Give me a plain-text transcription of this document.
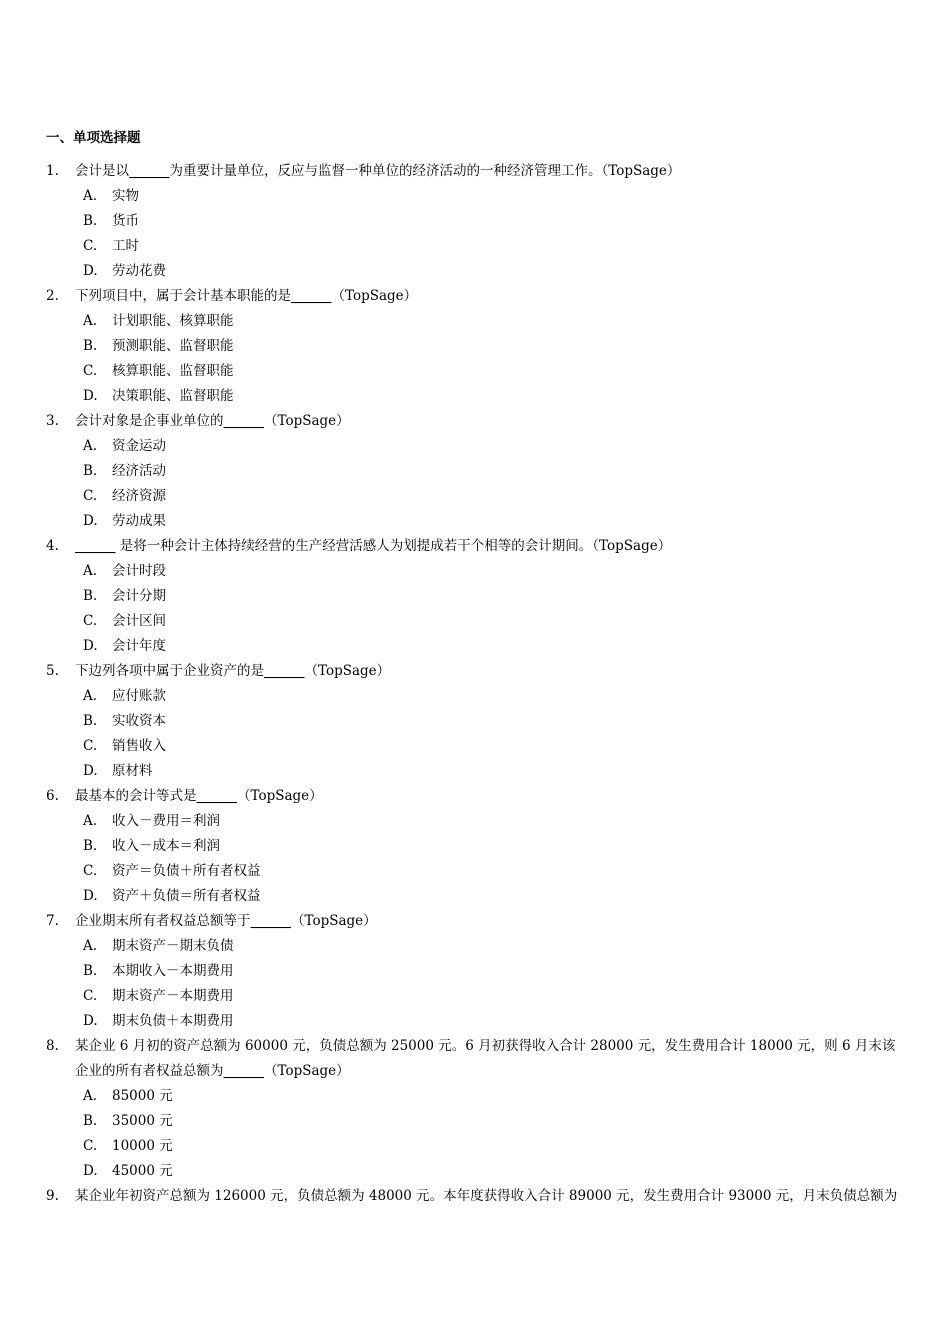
一、单项选择题
1. 会计是以______为重要计量单位，反应与监督一种单位的经济活动的一种经济管理工作。（TopSage）
A. 实物
B. 货币
C. 工时
D. 劳动花费
2. 下列项目中，属于会计基本职能的是______（TopSage）
A. 计划职能、核算职能
B. 预测职能、监督职能
C. 核算职能、监督职能
D. 决策职能、监督职能
3. 会计对象是企事业单位的______（TopSage）
A. 资金运动
B. 经济活动
C. 经济资源
D. 劳动成果
4. ______ 是将一种会计主体持续经营的生产经营活感人为划提成若干个相等的会计期间。（TopSage）
A. 会计时段
B. 会计分期
C. 会计区间
D. 会计年度
5. 下边列各项中属于企业资产的是______（TopSage）
A. 应付账款
B. 实收资本
C. 销售收入
D. 原材料
6. 最基本的会计等式是______（TopSage）
A. 收入－费用＝利润
B. 收入－成本＝利润
C. 资产＝负债＋所有者权益
D. 资产＋负债＝所有者权益
7. 企业期末所有者权益总额等于______（TopSage）
A. 期末资产－期末负债
B. 本期收入－本期费用
C. 期末资产－本期费用
D. 期末负债＋本期费用
8. 某企业 6 月初的资产总额为 60000 元，负债总额为 25000 元。6 月初获得收入合计 28000 元，发生费用合计 18000 元，则 6 月末该企业的所有者权益总额为______（TopSage）
A. 85000 元
B. 35000 元
C. 10000 元
D. 45000 元
9. 某企业年初资产总额为 126000 元，负债总额为 48000 元。本年度获得收入合计 89000 元，发生费用合计 93000 元，月末负债总额为
